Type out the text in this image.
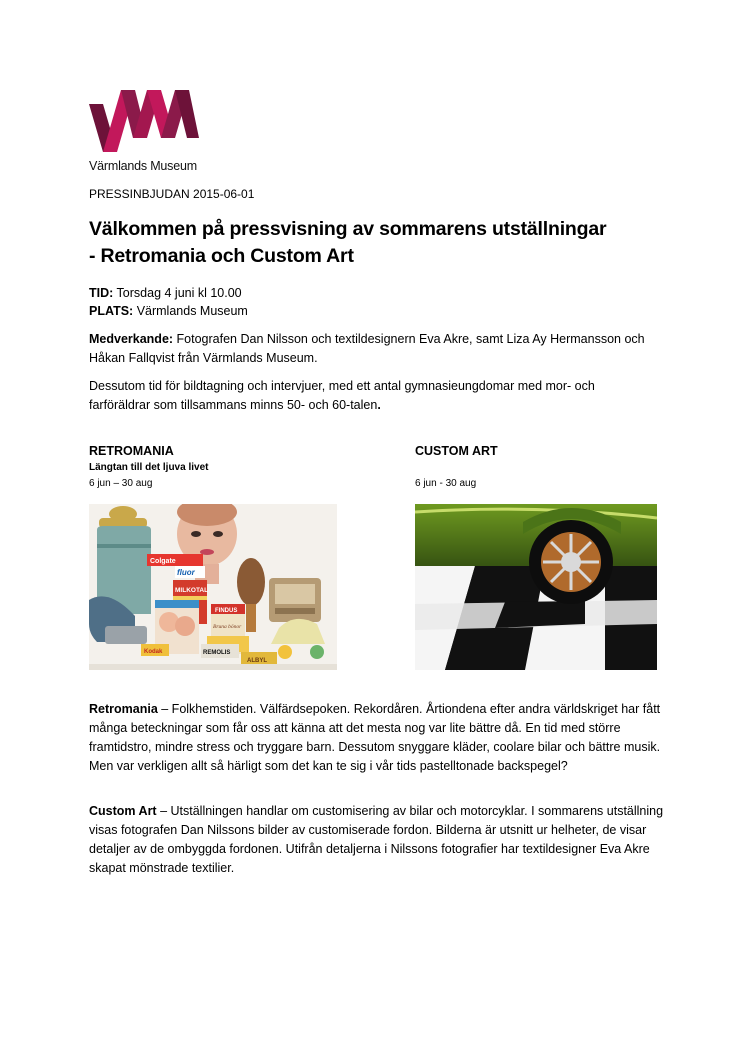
Värmlands Museum
PRESSINBJUDAN 2015-06-01
Välkommen på pressvisning av sommarens utställningar
- Retromania och Custom Art
TID: Torsdag 4 juni kl 10.00
PLATS: Värmlands Museum
Medverkande: Fotografen Dan Nilsson och textildesignern Eva Akre, samt Liza Ay Hermansson och Håkan Fallqvist från Värmlands Museum.
Dessutom tid för bildtagning och intervjuer, med ett antal gymnasieungdomar med mor- och farföräldrar som tillsammans minns 50- och 60-talen.
RETROMANIA
Längtan till det ljuva livet
6 jun – 30 aug
CUSTOM ART
6 jun - 30 aug
Colgate
fluor
MILKOTAL
FINDUS
Bruna bönor
REMOLIS
ALBYL
Kodak
Retromania – Folkhemstiden. Välfärdsepoken. Rekordåren. Årtiondena efter andra världskriget har fått många beteckningar som får oss att känna att det mesta nog var lite bättre då. En tid med större framtidstro, mindre stress och tryggare barn. Dessutom snyggare kläder, coolare bilar och bättre musik. Men var verkligen allt så härligt som det kan te sig i vår tids pastelltonade backspegel?
Custom Art – Utställningen handlar om customisering av bilar och motorcyklar. I sommarens utställning visas fotografen Dan Nilssons bilder av customiserade fordon. Bilderna är utsnitt ur helheter, de visar detaljer av de ombyggda fordonen. Utifrån detaljerna i Nilssons fotografier har textildesigner Eva Akre skapat mönstrade textilier.
